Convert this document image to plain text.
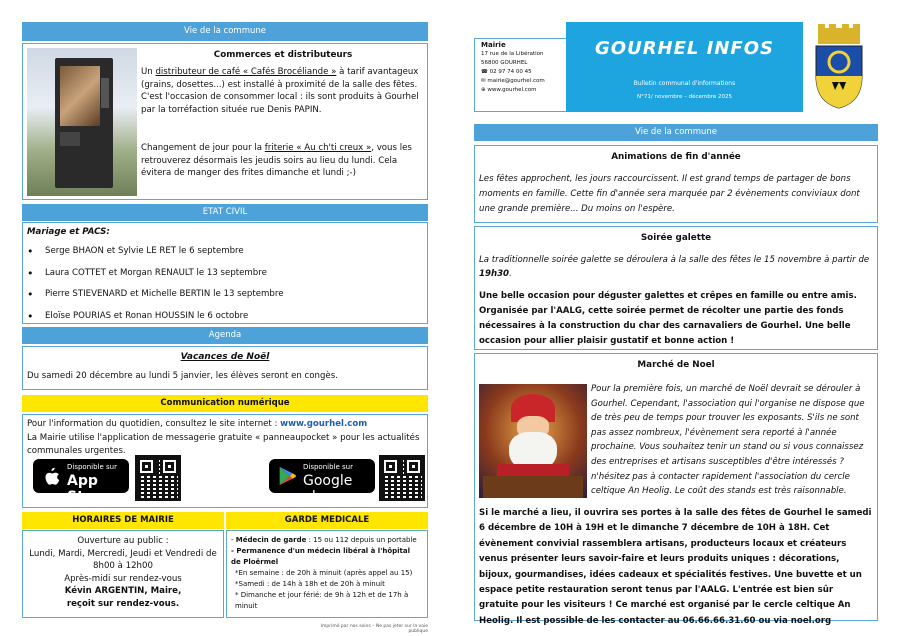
Vie de la commune
Commerces et distributeurs
Un distributeur de café « Cafés Brocéliande » à tarif avantageux (grains, dosettes...) est installé à proximité de la salle des fêtes. C'est l'occasion de consommer local : ils sont produits à Gourhel par la torréfaction située rue Denis PAPIN.
Changement de jour pour la friterie « Au ch'ti creux », vous les retrouverez désormais les jeudis soirs au lieu du lundi. Cela évitera de manger des frites dimanche et lundi ;-)
ETAT CIVIL
Mariage et PACS:
• Serge BHAON et Sylvie LE RET le 6 septembre
• Laura COTTET et Morgan RENAULT le 13 septembre
• Pierre STIEVENARD et Michelle BERTIN le 13 septembre
• Eloïse POURIAS et Ronan HOUSSIN le 6 octobre
Agenda
Vacances de Noël
Du samedi 20 décembre au lundi 5 janvier, les élèves seront en congès.
Communication numérique
Pour l'information du quotidien, consultez le site internet : www.gourhel.com
La Mairie utilise l'application de messagerie gratuite « panneaupocket » pour les actualités communales urgentes.
Disponible sur
App Store
Disponible sur
Google play
HORAIRES DE MAIRIE
Ouverture au public :
Lundi, Mardi, Mercredi, Jeudi et Vendredi de 8h00 à 12h00
Après-midi sur rendez-vous
Kévin ARGENTIN, Maire,
reçoit sur rendez-vous.
GARDE MEDICALE
- Médecin de garde : 15 ou 112 depuis un portable
- Permanence d'un médecin libéral à l'hôpital de Ploërmel
*En semaine : de 20h à minuit (après appel au 15)
*Samedi : de 14h à 18h et de 20h à minuit
* Dimanche et jour férié: de 9h à 12h et de 17h à minuit
Mairie
17 rue de la Libération
56800 GOURHEL
☎ 02 97 74 00 45
✉ mairie@gourhel.com
⊕ www.gourhel.com
GOURHEL INFOS
Bulletin communal d'informations
N°71/ novembre – décembre 2025
Vie de la commune
Animations de fin d'année
Les fêtes approchent, les jours raccourcissent. Il est grand temps de partager de bons moments en famille. Cette fin d'année sera marquée par 2 évènements conviviaux dont une grande première... Du moins on l'espère.
Soirée galette
La traditionnelle soirée galette se déroulera à la salle des fêtes le 15 novembre à partir de 19h30.
Une belle occasion pour déguster galettes et crêpes en famille ou entre amis. Organisée par l'AALG, cette soirée permet de récolter une partie des fonds nécessaires à la construction du char des carnavaliers de Gourhel. Une belle occasion pour allier plaisir gustatif et bonne action !
Marché de Noel
Pour la première fois, un marché de Noël devrait se dérouler à Gourhel. Cependant, l'association qui l'organise ne dispose que de très peu de temps pour trouver les exposants. S'ils ne sont pas assez nombreux, l'évènement sera reporté à l'année prochaine. Vous souhaitez tenir un stand ou si vous connaissez des entreprises et artisans susceptibles d'être intéressés ? n'hésitez pas à contacter rapidement l'association du cercle celtique An Heolig. Le coût des stands est très raisonnable.
Si le marché a lieu, il ouvrira ses portes à la salle des fêtes de Gourhel le samedi 6 décembre de 10H à 19H et le dimanche 7 décembre de 10H à 18H. Cet évènement convivial rassemblera artisans, producteurs locaux et créateurs venus présenter leurs savoir-faire et leurs produits uniques : décorations, bijoux, gourmandises, idées cadeaux et spécialités festives. Une buvette et un espace petite restauration seront tenus par l'AALG. L'entrée est bien sûr gratuite pour les visiteurs ! Ce marché est organisé par le cercle celtique An Heolig. Il est possible de les contacter au 06.66.66.31.60 ou via noel.org
Imprimé par nos soins – Ne pas jeter sur la voie publique
